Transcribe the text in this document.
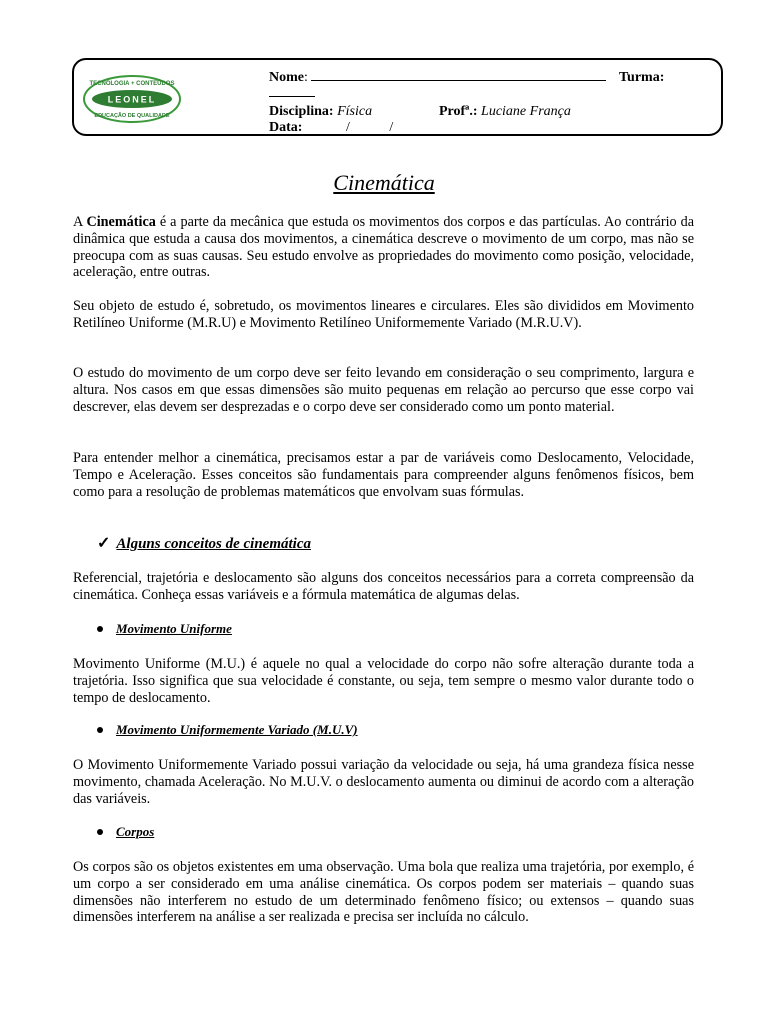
TECNOLOGIA + CONTEÚDOS
LEONEL
EDUCAÇÃO DE QUALIDADE
Nome:	Turma:
Disciplina: Física	Profª.: Luciane França
Data:	/ /
Cinemática

A Cinemática é a parte da mecânica que estuda os movimentos dos corpos e das partículas. Ao contrário da dinâmica que estuda a causa dos movimentos, a cinemática descreve o movimento de um corpo, mas não se preocupa com as suas causas. Seu estudo envolve as propriedades do movimento como posição, velocidade, aceleração, entre outras.

Seu objeto de estudo é, sobretudo, os movimentos lineares e circulares. Eles são divididos em Movimento Retilíneo Uniforme (M.R.U) e Movimento Retilíneo Uniformemente Variado (M.R.U.V).

O estudo do movimento de um corpo deve ser feito levando em consideração o seu comprimento, largura e altura. Nos casos em que essas dimensões são muito pequenas em relação ao percurso que esse corpo vai descrever, elas devem ser desprezadas e o corpo deve ser considerado como um ponto material.

Para entender melhor a cinemática, precisamos estar a par de variáveis como Deslocamento, Velocidade, Tempo e Aceleração. Esses conceitos são fundamentais para compreender alguns fenômenos físicos, bem como para a resolução de problemas matemáticos que envolvam suas fórmulas.

✓ Alguns conceitos de cinemática

Referencial, trajetória e deslocamento são alguns dos conceitos necessários para a correta compreensão da cinemática. Conheça essas variáveis e a fórmula matemática de algumas delas.

Movimento Uniforme

Movimento Uniforme (M.U.) é aquele no qual a velocidade do corpo não sofre alteração durante toda a trajetória. Isso significa que sua velocidade é constante, ou seja, tem sempre o mesmo valor durante todo o tempo de deslocamento.

Movimento Uniformemente Variado (M.U.V)

O Movimento Uniformemente Variado possui variação da velocidade ou seja, há uma grandeza física nesse movimento, chamada Aceleração. No M.U.V. o deslocamento aumenta ou diminui de acordo com a alteração das variáveis.

Corpos

Os corpos são os objetos existentes em uma observação. Uma bola que realiza uma trajetória, por exemplo, é um corpo a ser considerado em uma análise cinemática. Os corpos podem ser materiais – quando suas dimensões não interferem no estudo de um determinado fenômeno físico; ou extensos – quando suas dimensões interferem na análise a ser realizada e precisa ser incluída no cálculo.
